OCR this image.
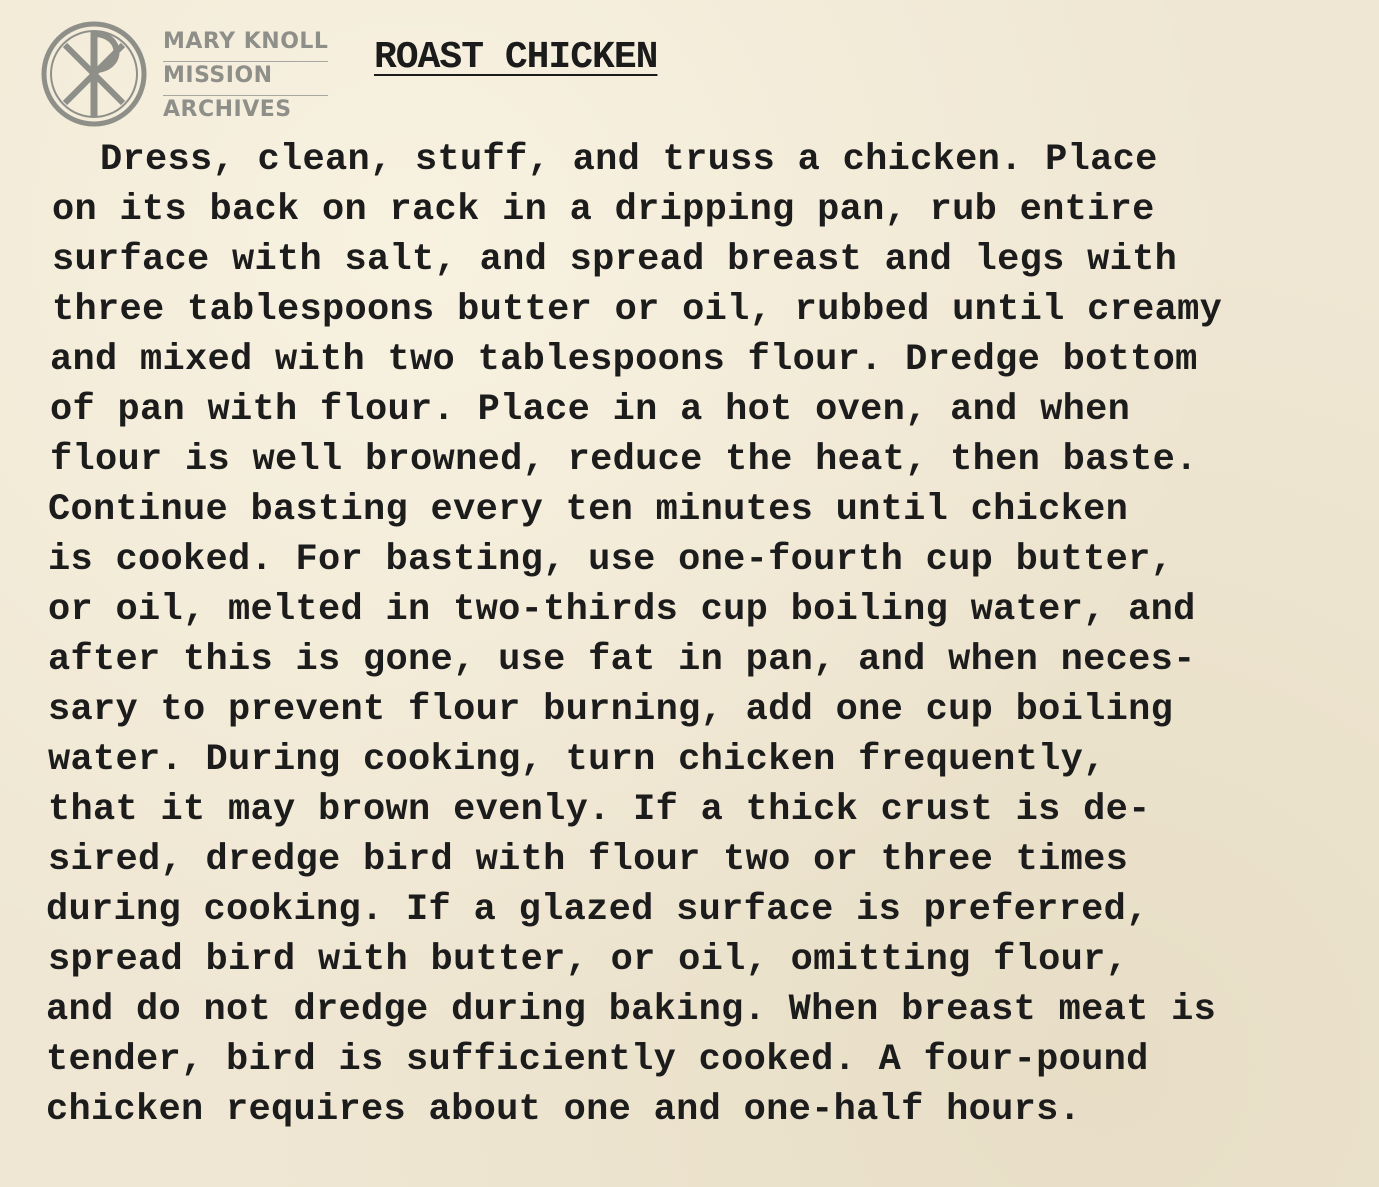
MARY KNOLL
MISSION
ARCHIVES
ROAST CHICKEN
Dress, clean, stuff, and truss a chicken. Place
on its back on rack in a dripping pan, rub entire
surface with salt, and spread breast and legs with
three tablespoons butter or oil, rubbed until creamy
and mixed with two tablespoons flour. Dredge bottom
of pan with flour. Place in a hot oven, and when
flour is well browned, reduce the heat, then baste.
Continue basting every ten minutes until chicken
is cooked. For basting, use one-fourth cup butter,
or oil, melted in two-thirds cup boiling water, and
after this is gone, use fat in pan, and when neces-
sary to prevent flour burning, add one cup boiling
water. During cooking, turn chicken frequently,
that it may brown evenly. If a thick crust is de-
sired, dredge bird with flour two or three times
during cooking. If a glazed surface is preferred,
spread bird with butter, or oil, omitting flour,
and do not dredge during baking. When breast meat is
tender, bird is sufficiently cooked. A four-pound
chicken requires about one and one-half hours.
